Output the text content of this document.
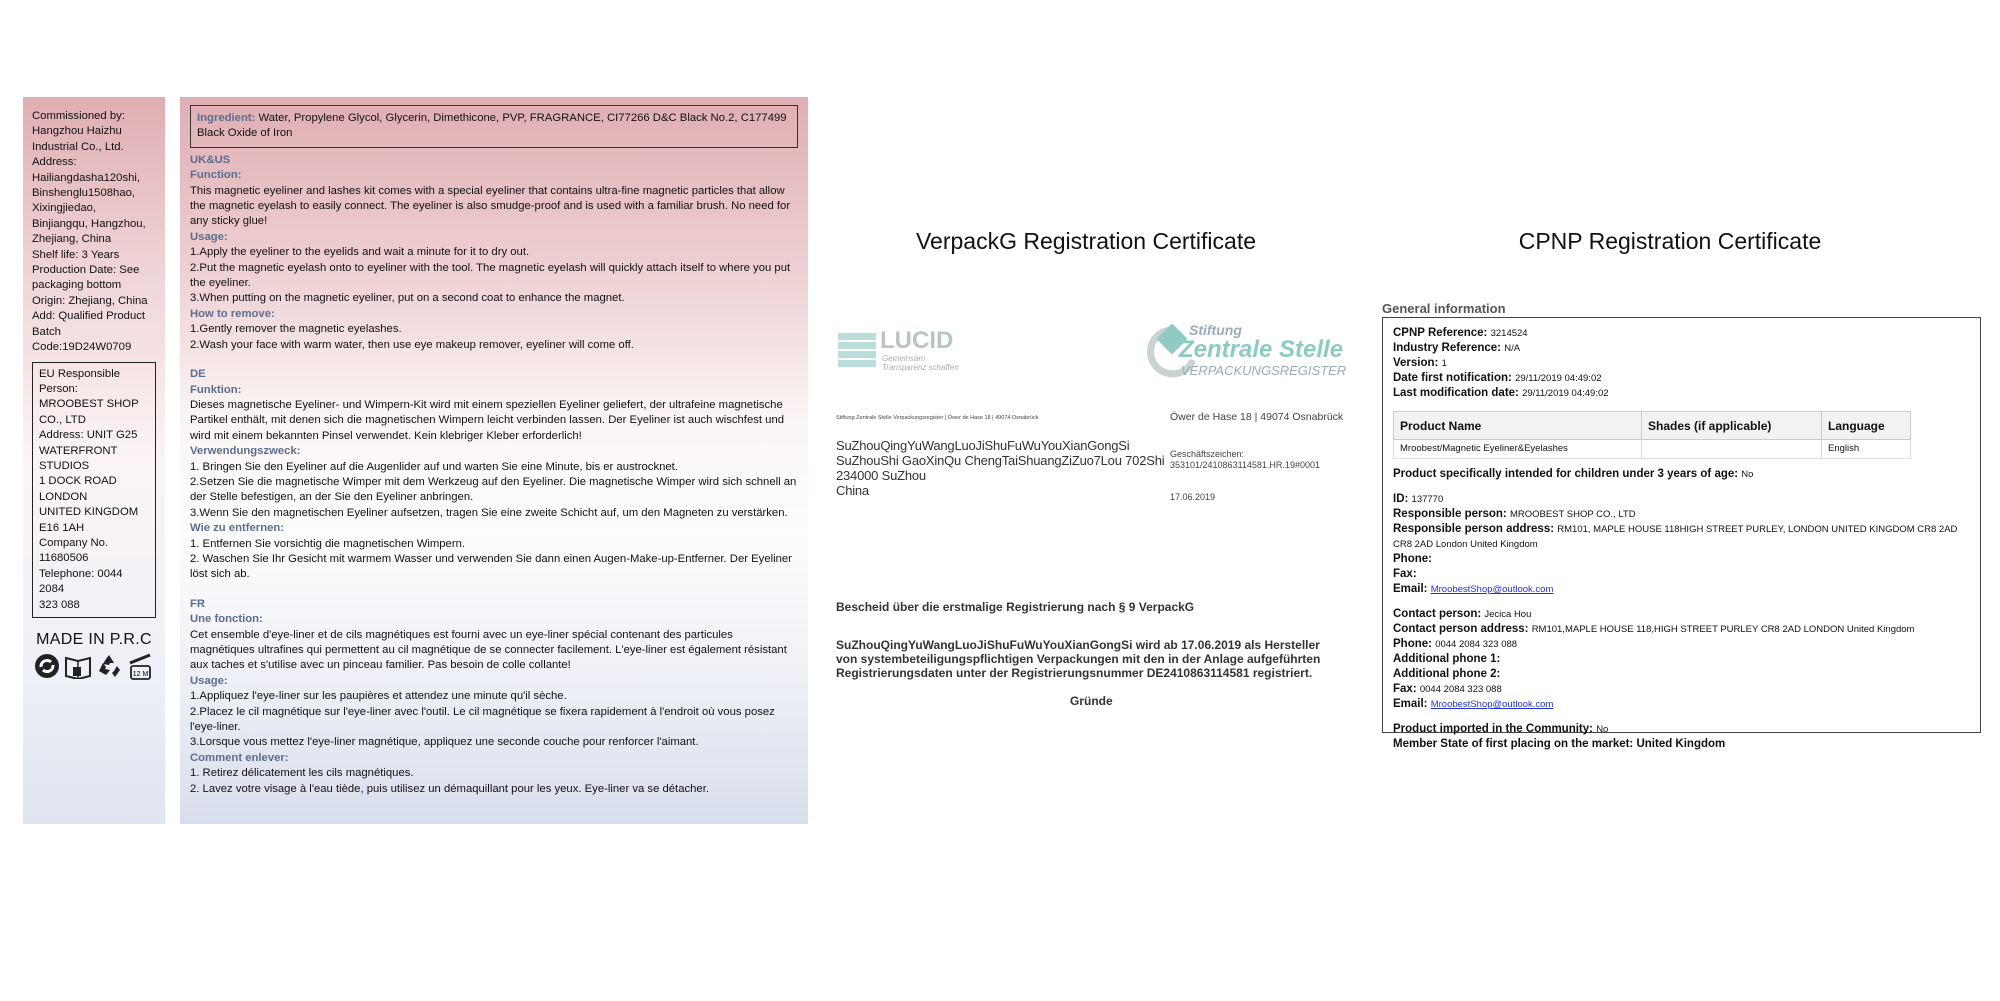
Commissioned by:
Hangzhou Haizhu
Industrial Co., Ltd.
Address:
Hailiangdasha120shi,
Binshenglu1508hao,
Xixingjiedao,
Binjiangqu, Hangzhou,
Zhejiang, China
Shelf life: 3 Years
Production Date: See
packaging bottom
Origin: Zhejiang, China
Add: Qualified Product
Batch
Code:19D24W0709
EU Responsible
Person:
MROOBEST SHOP
CO., LTD
Address: UNIT G25
WATERFRONT
STUDIOS
1 DOCK ROAD
LONDON
UNITED KINGDOM
E16 1AH
Company No.
11680506
Telephone: 0044 2084
323 088
MADE IN P.R.C
12 M
Ingredient: Water, Propylene Glycol, Glycerin, Dimethicone, PVP, FRAGRANCE, CI77266 D&C Black No.2, C177499 Black Oxide of Iron
UK&US
Function:
This magnetic eyeliner and lashes kit comes with a special eyeliner that contains ultra-fine magnetic particles that allow the magnetic eyelash to easily connect. The eyeliner is also smudge-proof and is used with a familiar brush. No need for any sticky glue!
Usage:
1.Apply the eyeliner to the eyelids and wait a minute for it to dry out.
2.Put the magnetic eyelash onto to eyeliner with the tool. The magnetic eyelash will quickly attach itself to where you put the eyeliner.
3.When putting on the magnetic eyeliner, put on a second coat to enhance the magnet.
How to remove:
1.Gently remover the magnetic eyelashes.
2.Wash your face with warm water, then use eye makeup remover, eyeliner will come off.
DE
Funktion:
Dieses magnetische Eyeliner- und Wimpern-Kit wird mit einem speziellen Eyeliner geliefert, der ultrafeine magnetische Partikel enthält, mit denen sich die magnetischen Wimpern leicht verbinden lassen. Der Eyeliner ist auch wischfest und wird mit einem bekannten Pinsel verwendet. Kein klebriger Kleber erforderlich!
Verwendungszweck:
1. Bringen Sie den Eyeliner auf die Augenlider auf und warten Sie eine Minute, bis er austrocknet.
2.Setzen Sie die magnetische Wimper mit dem Werkzeug auf den Eyeliner. Die magnetische Wimper wird sich schnell an der Stelle befestigen, an der Sie den Eyeliner anbringen.
3.Wenn Sie den magnetischen Eyeliner aufsetzen, tragen Sie eine zweite Schicht auf, um den Magneten zu verstärken.
Wie zu entfernen:
1. Entfernen Sie vorsichtig die magnetischen Wimpern.
2. Waschen Sie Ihr Gesicht mit warmem Wasser und verwenden Sie dann einen Augen-Make-up-Entferner. Der Eyeliner löst sich ab.
FR
Une fonction:
Cet ensemble d'eye-liner et de cils magnétiques est fourni avec un eye-liner spécial contenant des particules magnétiques ultrafines qui permettent au cil magnétique de se connecter facilement. L'eye-liner est également résistant aux taches et s'utilise avec un pinceau familier. Pas besoin de colle collante!
Usage:
1.Appliquez l'eye-liner sur les paupières et attendez une minute qu'il sèche.
2.Placez le cil magnétique sur l'eye-liner avec l'outil. Le cil magnétique se fixera rapidement à l'endroit où vous posez l'eye-liner.
3.Lorsque vous mettez l'eye-liner magnétique, appliquez une seconde couche pour renforcer l'aimant.
Comment enlever:
1. Retirez délicatement les cils magnétiques.
2. Lavez votre visage à l'eau tiède, puis utilisez un démaquillant pour les yeux. Eye-liner va se détacher.
VerpackG Registration Certificate
LUCID
Gemeinsam
Transparenz schaffen
Stiftung
Zentrale Stelle
VERPACKUNGSREGISTER
Stiftung Zentrale Stelle Verpackungsregister | Öwer de Hase 18 | 49074 Osnabrück
SuZhouQingYuWangLuoJiShuFuWuYouXianGongSi
SuZhouShi GaoXinQu ChengTaiShuangZiZuo7Lou 702Shi
234000 SuZhou
China
Öwer de Hase 18 | 49074 Osnabrück
Geschäftszeichen:
353101/2410863114581.HR.19#0001
17.06.2019
Bescheid über die erstmalige Registrierung nach § 9 VerpackG
SuZhouQingYuWangLuoJiShuFuWuYouXianGongSi wird ab 17.06.2019 als Hersteller
von systembeteiligungspflichtigen Verpackungen mit den in der Anlage aufgeführten
Registrierungsdaten unter der Registrierungsnummer DE2410863114581 registriert.
Gründe
CPNP Registration Certificate
General information
CPNP Reference: 3214524
Industry Reference: N/A
Version: 1
Date first notification: 29/11/2019 04:49:02
Last modification date: 29/11/2019 04:49:02
Product Name	Shades (if applicable)	Language
Mroobest/Magnetic Eyeliner&Eyelashes		English
Product specifically intended for children under 3 years of age: No
ID: 137770
Responsible person: MROOBEST SHOP CO., LTD
Responsible person address: RM101, MAPLE HOUSE 118HIGH STREET PURLEY, LONDON UNITED KINGDOM CR8 2AD CR8 2AD London United Kingdom
Phone:
Fax:
Email: MroobestShop@outlook.com
Contact person: Jecica Hou
Contact person address: RM101,MAPLE HOUSE 118,HIGH STREET PURLEY CR8 2AD LONDON United Kingdom
Phone: 0044 2084 323 088
Additional phone 1:
Additional phone 2:
Fax: 0044 2084 323 088
Email: MroobestShop@outlook.com
Product imported in the Community: No
Member State of first placing on the market: United Kingdom
